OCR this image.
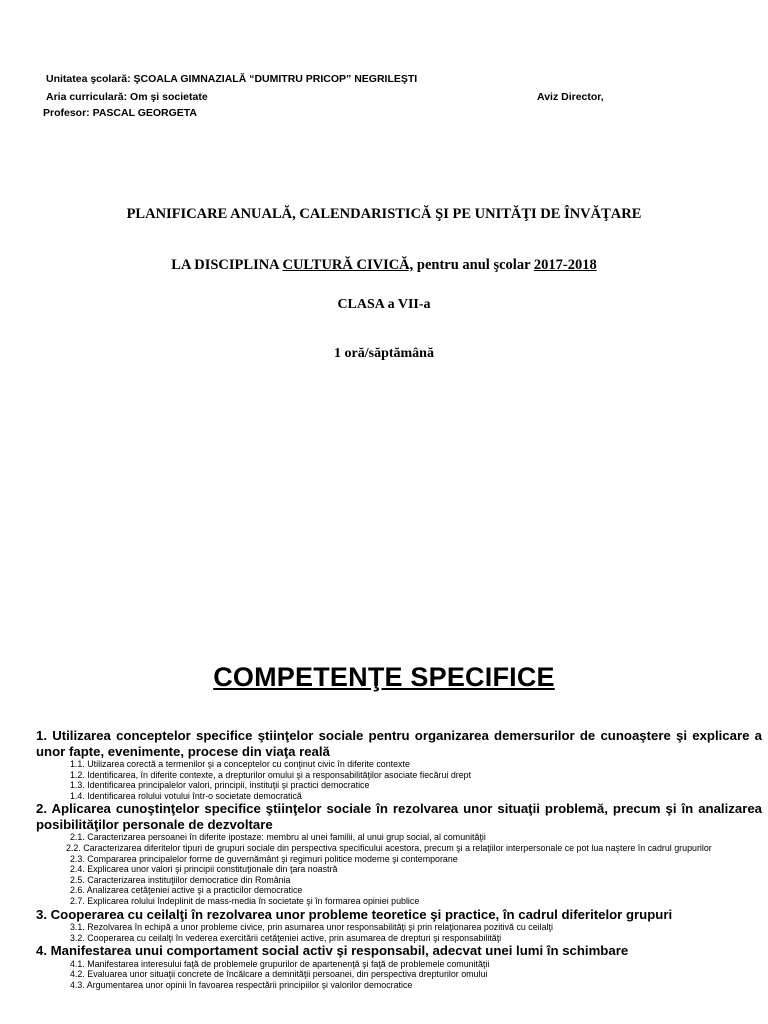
Unitatea şcolară: ŞCOALA GIMNAZIALĂ “DUMITRU PRICOP” NEGRILEŞTI
Aria curriculară: Om şi societate	Aviz Director,
Profesor: PASCAL GEORGETA
PLANIFICARE ANUALĂ, CALENDARISTICĂ ŞI PE UNITĂŢI DE ÎNVĂŢARE
LA DISCIPLINA CULTURĂ CIVICĂ, pentru anul şcolar 2017-2018
CLASA a VII-a
1 oră/săptămână
COMPETENŢE SPECIFICE
1. Utilizarea conceptelor specifice ştiinţelor sociale pentru organizarea demersurilor de cunoaştere şi explicare a unor fapte, evenimente, procese din viaţa reală
1.1. Utilizarea corectă a termenilor şi a conceptelor cu conţinut civic în diferite contexte
1.2. Identificarea, în diferite contexte, a drepturilor omului şi a responsabilităţilor asociate fiecărui drept
1.3. Identificarea principalelor valori, principii, instituţii şi practici democratice
1.4. Identificarea rolului votului într-o societate democratică
2. Aplicarea cunoştinţelor specifice ştiinţelor sociale în rezolvarea unor situaţii problemă, precum şi în analizarea posibilităţilor personale de dezvoltare
2.1. Caracterizarea persoanei în diferite ipostaze: membru al unei familii, al unui grup social, al comunităţii
2.2. Caracterizarea diferitelor tipuri de grupuri sociale din perspectiva specificului acestora, precum şi a relaţiilor interpersonale ce pot lua naştere în cadrul grupurilor
2.3. Compararea principalelor forme de guvernământ şi regimuri politice moderne şi contemporane
2.4. Explicarea unor valori şi principii constituţionale din ţara noastră
2.5. Caracterizarea instituţiilor democratice din România
2.6. Analizarea cetăţeniei active şi a practicilor democratice
2.7. Explicarea rolului îndeplinit de mass-media în societate şi în formarea opiniei publice
3. Cooperarea cu ceilalţi în rezolvarea unor probleme teoretice şi practice, în cadrul diferitelor grupuri
3.1. Rezolvarea în echipă a unor probleme civice, prin asumarea unor responsabilităţi şi prin relaţionarea pozitivă cu ceilalţi
3.2. Cooperarea cu ceilalţi în vederea exercitării cetăţeniei active, prin asumarea de drepturi şi responsabilităţi
4. Manifestarea unui comportament social activ şi responsabil, adecvat unei lumi în schimbare
4.1. Manifestarea interesului faţă de problemele grupurilor de apartenenţă şi faţă de problemele comunităţii
4.2. Evaluarea unor situaţii concrete de încălcare a demnităţii persoanei, din perspectiva drepturilor omului
4.3. Argumentarea unor opinii în favoarea respectării principiilor şi valorilor democratice
